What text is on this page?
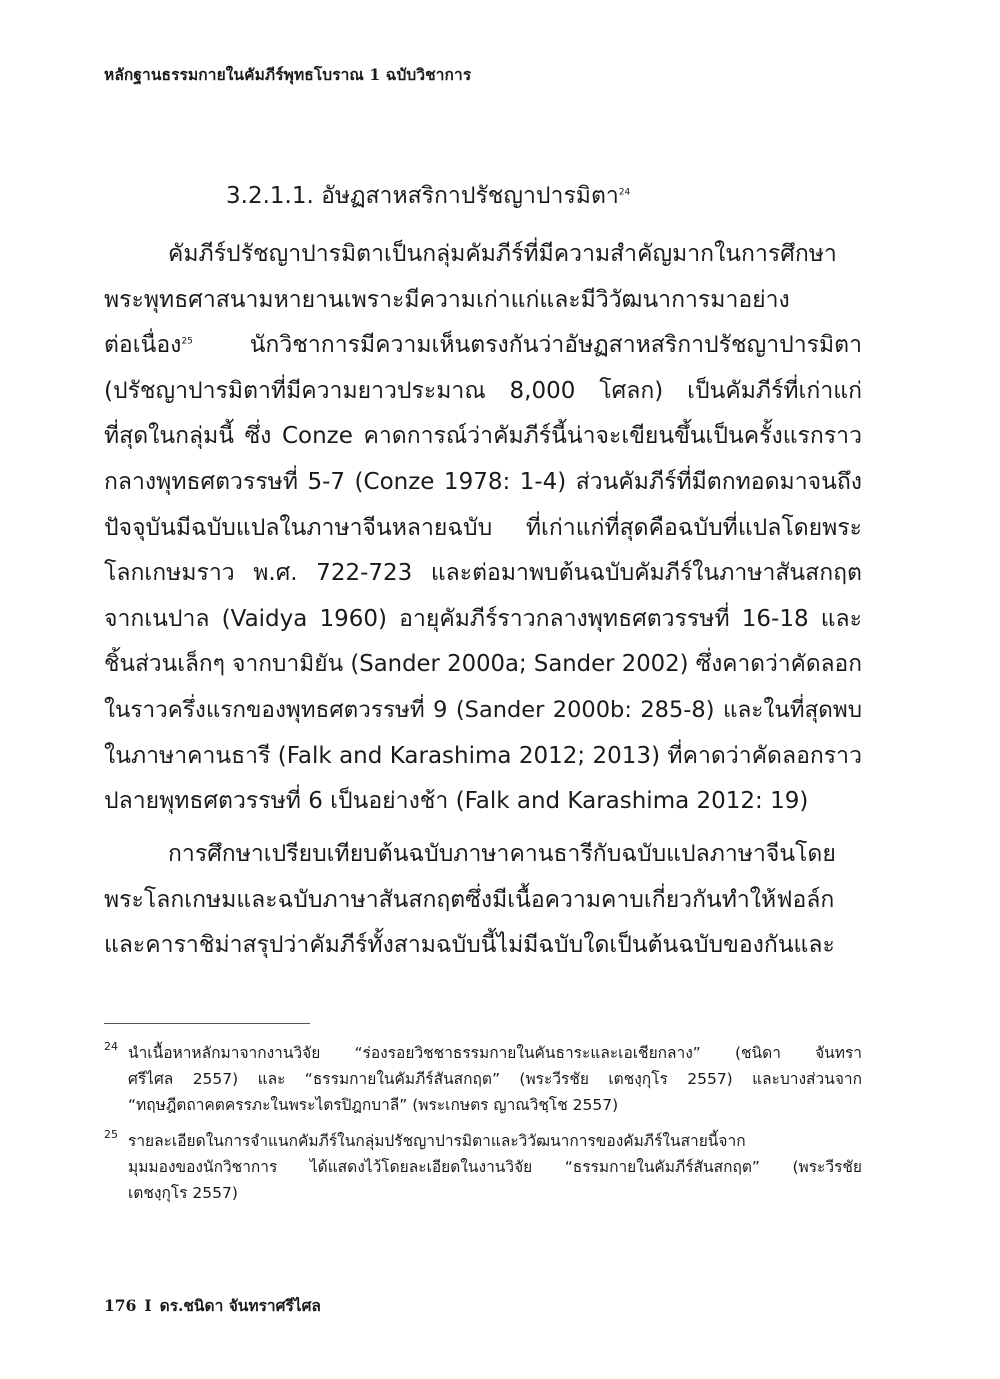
หลักฐานธรรมกายในคัมภีร์พุทธโบราณ 1 ฉบับวิชาการ
3.2.1.1. อัษฏสาหสริกาปรัชญาปารมิตา$^{24}$
คัมภีร์ปรัชญาปารมิตาเป็นกลุ่มคัมภีร์ที่มีความสำคัญมากในการศึกษา
พระพุทธศาสนามหายานเพราะมีความเก่าแก่และมีวิวัฒนาการมาอย่าง
ต่อเนื่อง$^{25}$ นักวิชาการมีความเห็นตรงกันว่าอัษฏสาหสริกาปรัชญาปารมิตา
(ปรัชญาปารมิตาที่มีความยาวประมาณ 8,000 โศลก) เป็นคัมภีร์ที่เก่าแก่
ที่สุดในกลุ่มนี้ ซึ่ง Conze คาดการณ์ว่าคัมภีร์นี้น่าจะเขียนขึ้นเป็นครั้งแรกราว
กลางพุทธศตวรรษที่ 5-7 (Conze 1978: 1-4) ส่วนคัมภีร์ที่มีตกทอดมาจนถึง
ปัจจุบันมีฉบับแปลในภาษาจีนหลายฉบับ ที่เก่าแก่ที่สุดคือฉบับที่แปลโดยพระ
โลกเกษมราว พ.ศ. 722-723 และต่อมาพบต้นฉบับคัมภีร์ในภาษาสันสกฤต
จากเนปาล (Vaidya 1960) อายุคัมภีร์ราวกลางพุทธศตวรรษที่ 16-18 และ
ชิ้นส่วนเล็กๆ จากบามิยัน (Sander 2000a; Sander 2002) ซึ่งคาดว่าคัดลอก
ในราวครึ่งแรกของพุทธศตวรรษที่ 9 (Sander 2000b: 285-8) และในที่สุดพบ
ในภาษาคานธารี (Falk and Karashima 2012; 2013) ที่คาดว่าคัดลอกราว
ปลายพุทธศตวรรษที่ 6 เป็นอย่างช้า (Falk and Karashima 2012: 19)
การศึกษาเปรียบเทียบต้นฉบับภาษาคานธารีกับฉบับแปลภาษาจีนโดย
พระโลกเกษมและฉบับภาษาสันสกฤตซึ่งมีเนื้อความคาบเกี่ยวกันทำให้ฟอล์ก
และคาราชิม่าสรุปว่าคัมภีร์ทั้งสามฉบับนี้ไม่มีฉบับใดเป็นต้นฉบับของกันและ
24 นำเนื้อหาหลักมาจากงานวิจัย “ร่องรอยวิชชาธรรมกายในคันธาระและเอเชียกลาง” (ชนิดา จันทรา
ศรีไศล 2557) และ “ธรรมกายในคัมภีร์สันสกฤต” (พระวีรชัย เตชงฺกุโร 2557) และบางส่วนจาก
“ทฤษฎีตถาคตครรภะในพระไตรปิฎกบาลี” (พระเกษตร ญาณวิชฺโช 2557)
25 รายละเอียดในการจำแนกคัมภีร์ในกลุ่มปรัชญาปารมิตาและวิวัฒนาการของคัมภีร์ในสายนี้จาก
มุมมองของนักวิชาการ ได้แสดงไว้โดยละเอียดในงานวิจัย “ธรรมกายในคัมภีร์สันสกฤต” (พระวีรชัย
เตชงฺกุโร 2557)
176 I ดร.ชนิดา จันทราศรีไศล
